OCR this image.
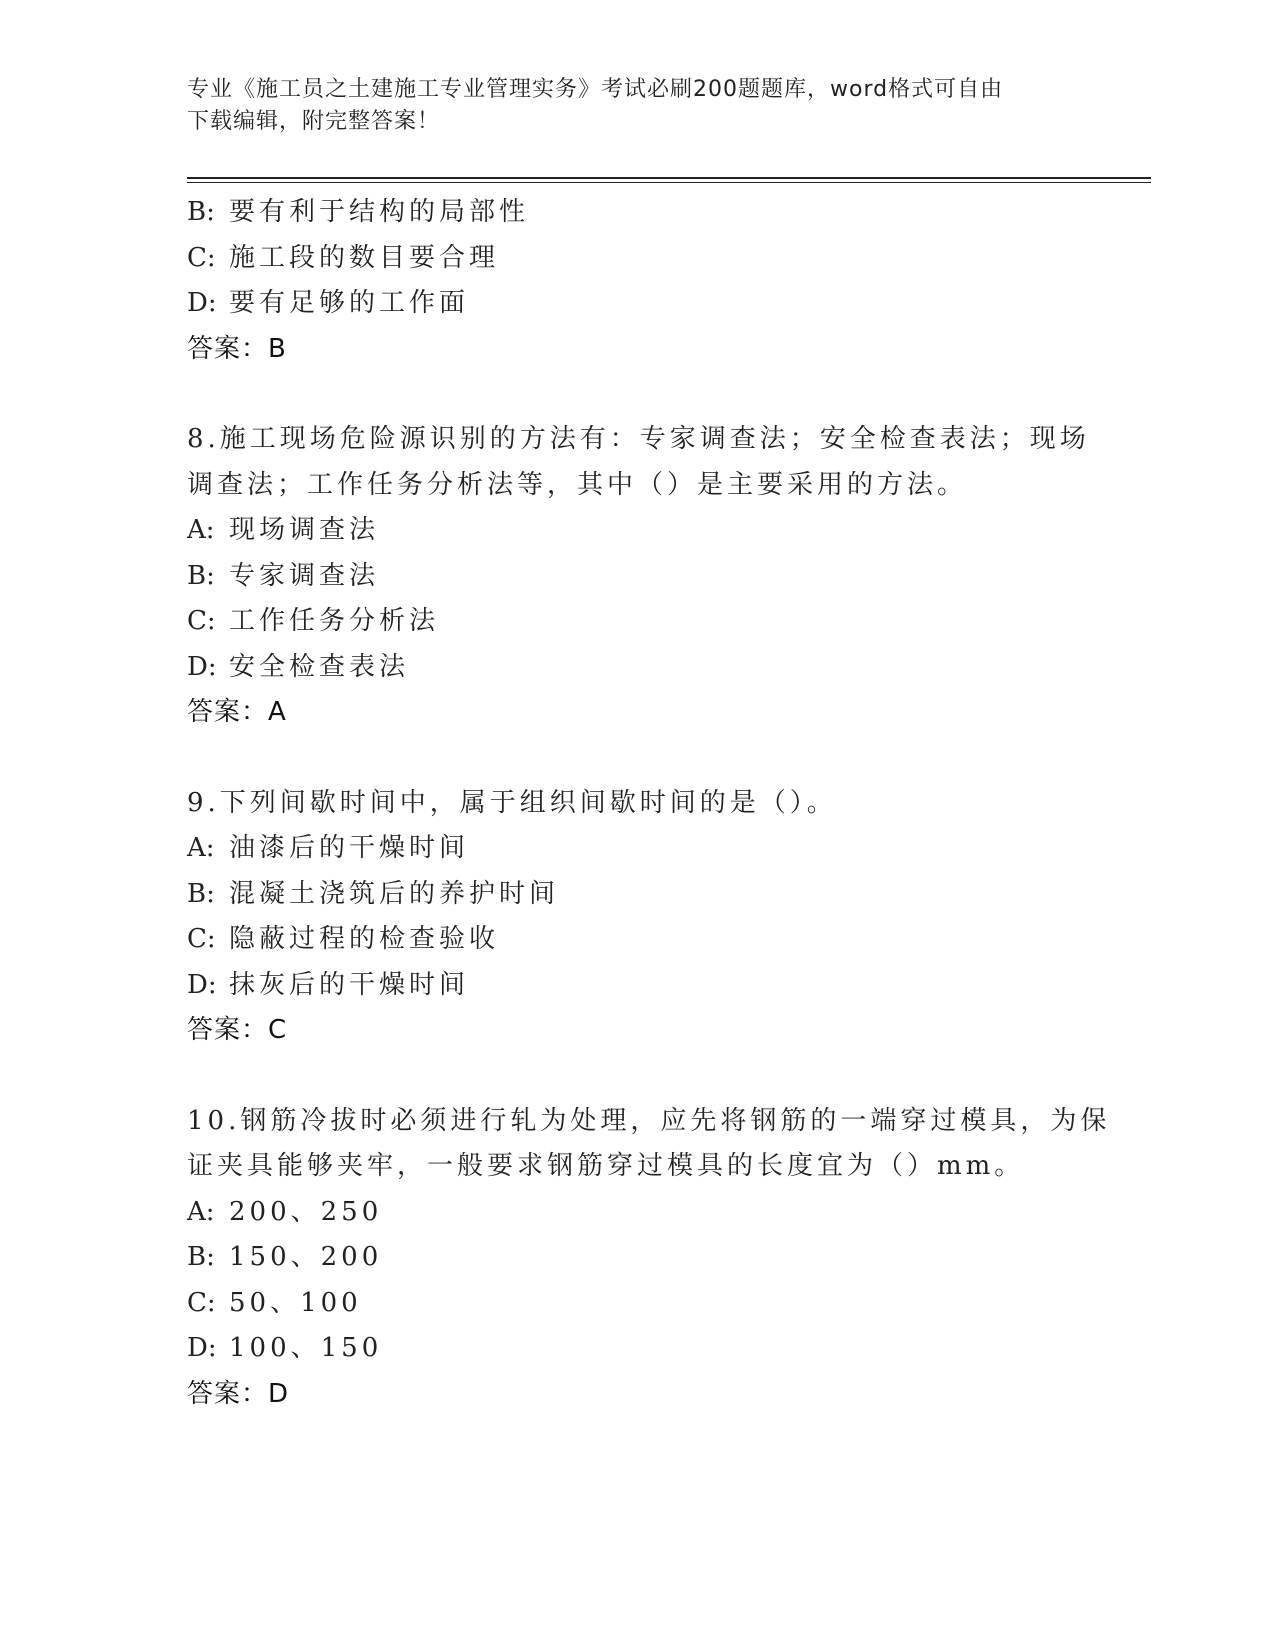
专业《施工员之土建施工专业管理实务》考试必刷200题题库，word格式可自由
下载编辑，附完整答案！
B: 要有利于结构的局部性
C: 施工段的数目要合理
D: 要有足够的工作面
答案：B
8.施工现场危险源识别的方法有：专家调查法；安全检查表法；现场
调查法；工作任务分析法等，其中（）是主要采用的方法。
A: 现场调查法
B: 专家调查法
C: 工作任务分析法
D: 安全检查表法
答案：A
9.下列间歇时间中，属于组织间歇时间的是（）。
A: 油漆后的干燥时间
B: 混凝土浇筑后的养护时间
C: 隐蔽过程的检查验收
D: 抹灰后的干燥时间
答案：C
10.钢筋冷拔时必须进行轧为处理，应先将钢筋的一端穿过模具，为保
证夹具能够夹牢，一般要求钢筋穿过模具的长度宜为（）mm。
A: 200、250
B: 150、200
C: 50、100
D: 100、150
答案：D
